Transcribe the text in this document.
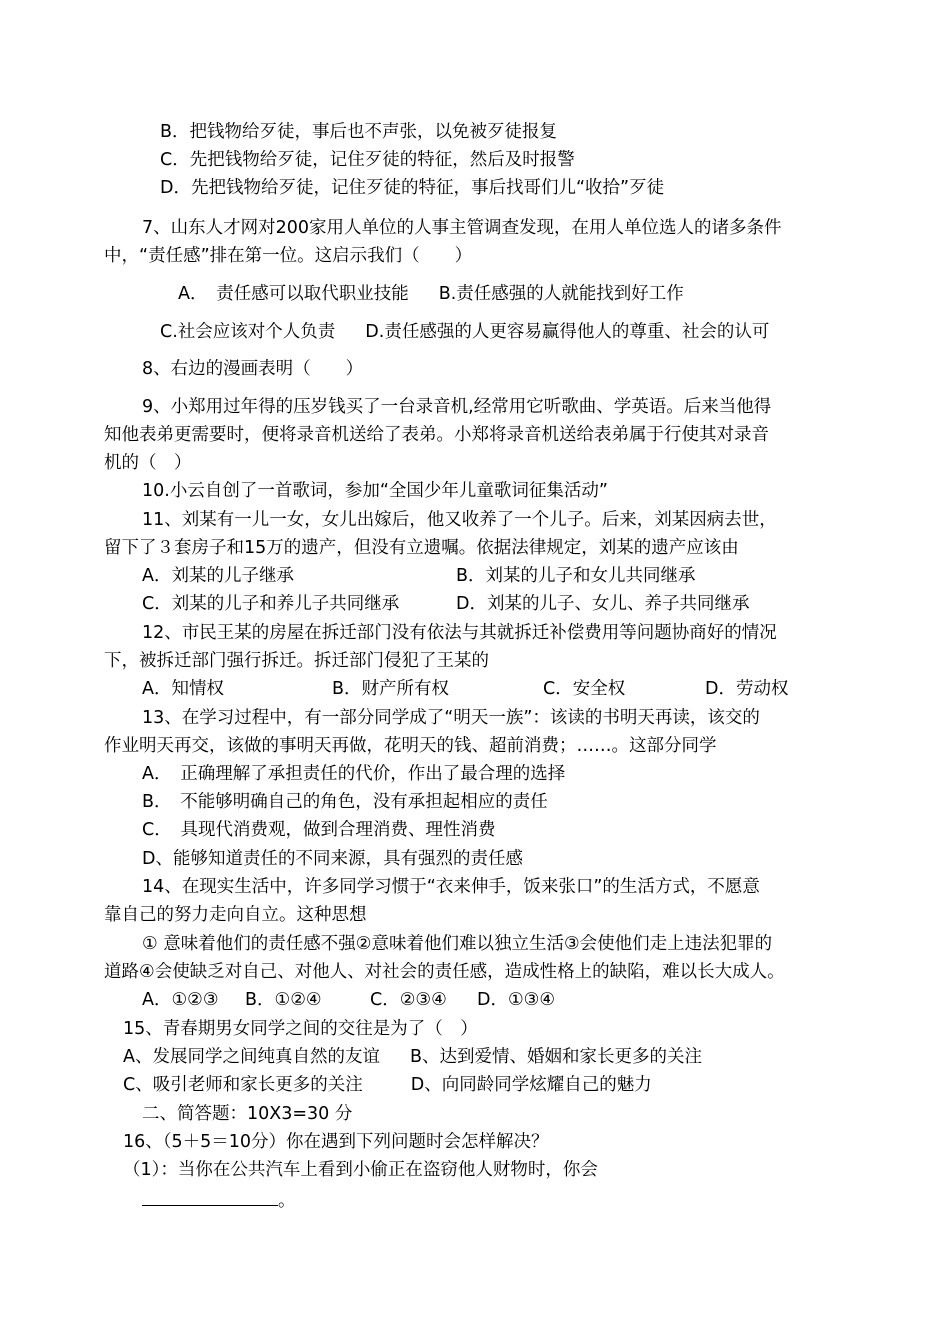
B．把钱物给歹徒，事后也不声张，以免被歹徒报复
C．先把钱物给歹徒，记住歹徒的特征，然后及时报警
D．先把钱物给歹徒，记住歹徒的特征，事后找哥们儿“收拾”歹徒
7、山东人才网对200家用人单位的人事主管调查发现，在用人单位选人的诸多条件
中，“责任感”排在第一位。这启示我们（　　）
A．　责任感可以取代职业技能 B.责任感强的人就能找到好工作
C.社会应该对个人负责 D.责任感强的人更容易赢得他人的尊重、社会的认可
8、右边的漫画表明（　　）
9、小郑用过年得的压岁钱买了一台录音机,经常用它听歌曲、学英语。后来当他得
知他表弟更需要时，便将录音机送给了表弟。小郑将录音机送给表弟属于行使其对录音
机的（　）
10.小云自创了一首歌词，参加“全国少年儿童歌词征集活动”
11、刘某有一儿一女，女儿出嫁后，他又收养了一个儿子。后来，刘某因病去世，
留下了３套房子和15万的遗产，但没有立遗嘱。依据法律规定，刘某的遗产应该由
A．刘某的儿子继承	B．刘某的儿子和女儿共同继承
C．刘某的儿子和养儿子共同继承	D．刘某的儿子、女儿、养子共同继承
12、市民王某的房屋在拆迁部门没有依法与其就拆迁补偿费用等问题协商好的情况
下，被拆迁部门强行拆迁。拆迁部门侵犯了王某的
A．知情权	B．财产所有权	C．安全权	D．劳动权
13、在学习过程中，有一部分同学成了“明天一族”：该读的书明天再读，该交的
作业明天再交，该做的事明天再做，花明天的钱、超前消费；……。这部分同学
A．　正确理解了承担责任的代价，作出了最合理的选择
B．　不能够明确自己的角色，没有承担起相应的责任
C．　具现代消费观，做到合理消费、理性消费
D、能够知道责任的不同来源，具有强烈的责任感
14、在现实生活中，许多同学习惯于“衣来伸手，饭来张口”的生活方式，不愿意
靠自己的努力走向自立。这种思想
① 意味着他们的责任感不强②意味着他们难以独立生活③会使他们走上违法犯罪的
道路④会使缺乏对自己、对他人、对社会的责任感，造成性格上的缺陷，难以长大成人。
A．①②③ B．①②④	C．②③④ D．①③④
15、青春期男女同学之间的交往是为了（　）
A、发展同学之间纯真自然的友谊 B、达到爱情、婚姻和家长更多的关注
C、吸引老师和家长更多的关注	D、向同龄同学炫耀自己的魅力
二、简答题：10X3=30 分
16、（5＋5＝10分）你在遇到下列问题时会怎样解决？
（1）：当你在公共汽车上看到小偷正在盗窃他人财物时，你会
。
